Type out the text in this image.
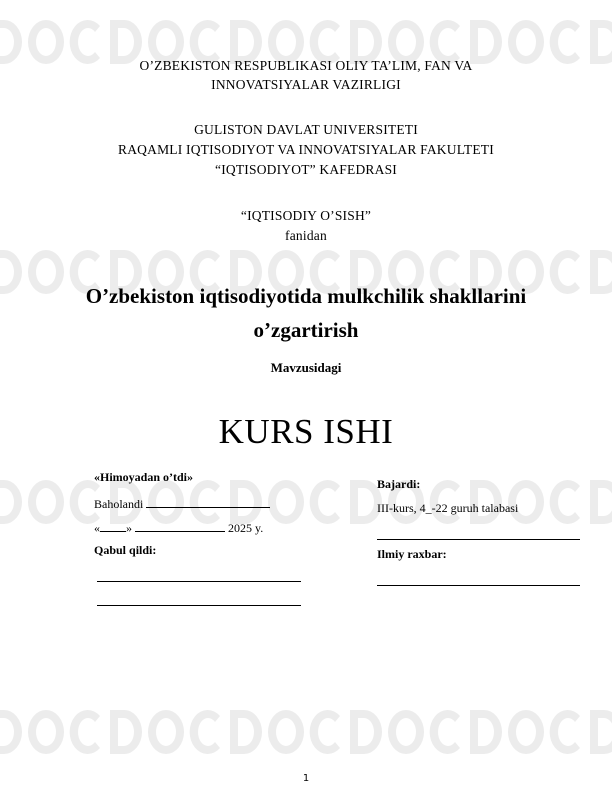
O’ZBEKISTON RESPUBLIKASI OLIY TA’LIM, FAN VA
INNOVATSIYALAR VAZIRLIGI
GULISTON DAVLAT UNIVERSITETI
RAQAMLI IQTISODIYOT VA INNOVATSIYALAR FAKULTETI
“IQTISODIYOT” KAFEDRASI
“IQTISODIY O’SISH”
fanidan
O’zbekiston iqtisodiyotida mulkchilik shakllarini
o’zgartirish
Mavzusidagi
KURS ISHI
«Himoyadan o’tdi»
Baholandi
« »	2025 y.
Qabul qildi:
Bajardi:
III-kurs, 4_-22 guruh talabasi
Ilmiy raxbar:
1
